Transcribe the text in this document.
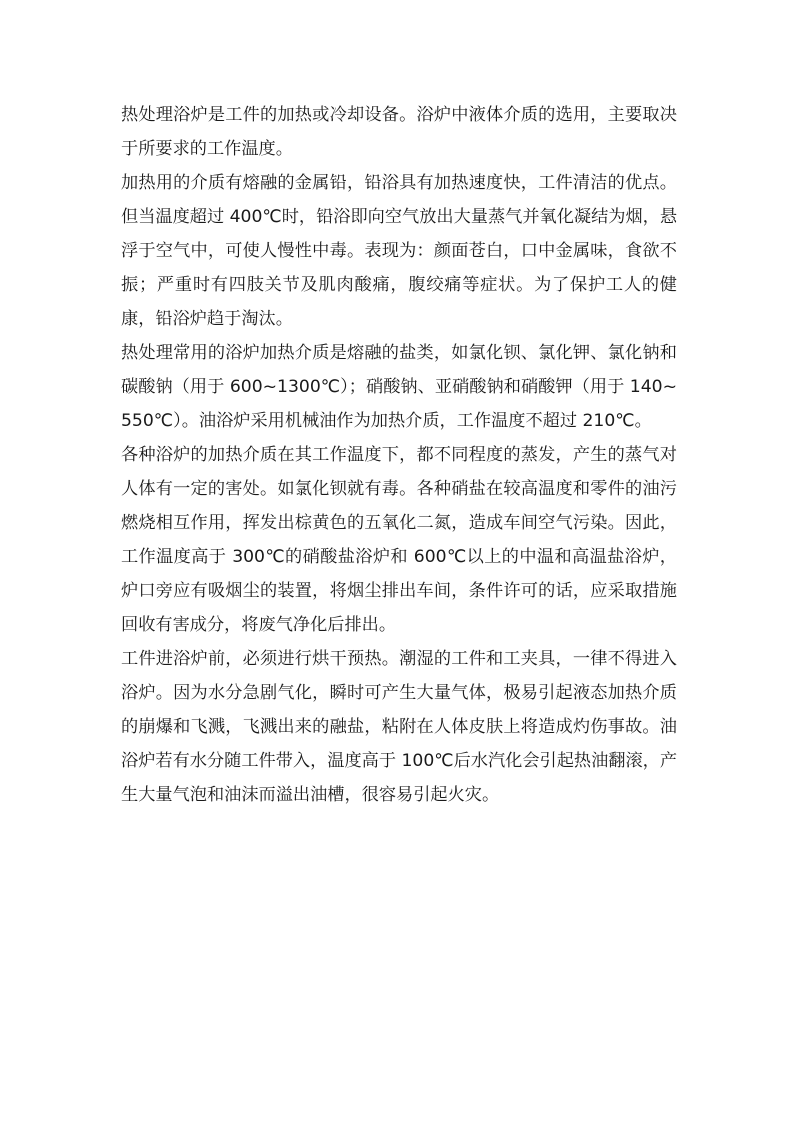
热处理浴炉是工件的加热或冷却设备。浴炉中液体介质的选用，主要取决于所要求的工作温度。

加热用的介质有熔融的金属铅，铅浴具有加热速度快，工件清洁的优点。但当温度超过 400℃时，铅浴即向空气放出大量蒸气并氧化凝结为烟，悬浮于空气中，可使人慢性中毒。表现为：颜面苍白，口中金属味，食欲不振；严重时有四肢关节及肌肉酸痛，腹绞痛等症状。为了保护工人的健康，铅浴炉趋于淘汰。

热处理常用的浴炉加热介质是熔融的盐类，如氯化钡、氯化钾、氯化钠和碳酸钠（用于 600~1300℃）；硝酸钠、亚硝酸钠和硝酸钾（用于 140~550℃）。油浴炉采用机械油作为加热介质，工作温度不超过 210℃。

各种浴炉的加热介质在其工作温度下，都不同程度的蒸发，产生的蒸气对人体有一定的害处。如氯化钡就有毒。各种硝盐在较高温度和零件的油污燃烧相互作用，挥发出棕黄色的五氧化二氮，造成车间空气污染。因此，工作温度高于 300℃的硝酸盐浴炉和 600℃以上的中温和高温盐浴炉，炉口旁应有吸烟尘的装置，将烟尘排出车间，条件许可的话，应采取措施回收有害成分，将废气净化后排出。

工件进浴炉前，必须进行烘干预热。潮湿的工件和工夹具，一律不得进入浴炉。因为水分急剧气化，瞬时可产生大量气体，极易引起液态加热介质的崩爆和飞溅，飞溅出来的融盐，粘附在人体皮肤上将造成灼伤事故。油浴炉若有水分随工件带入，温度高于 100℃后水汽化会引起热油翻滚，产生大量气泡和油沫而溢出油槽，很容易引起火灾。
